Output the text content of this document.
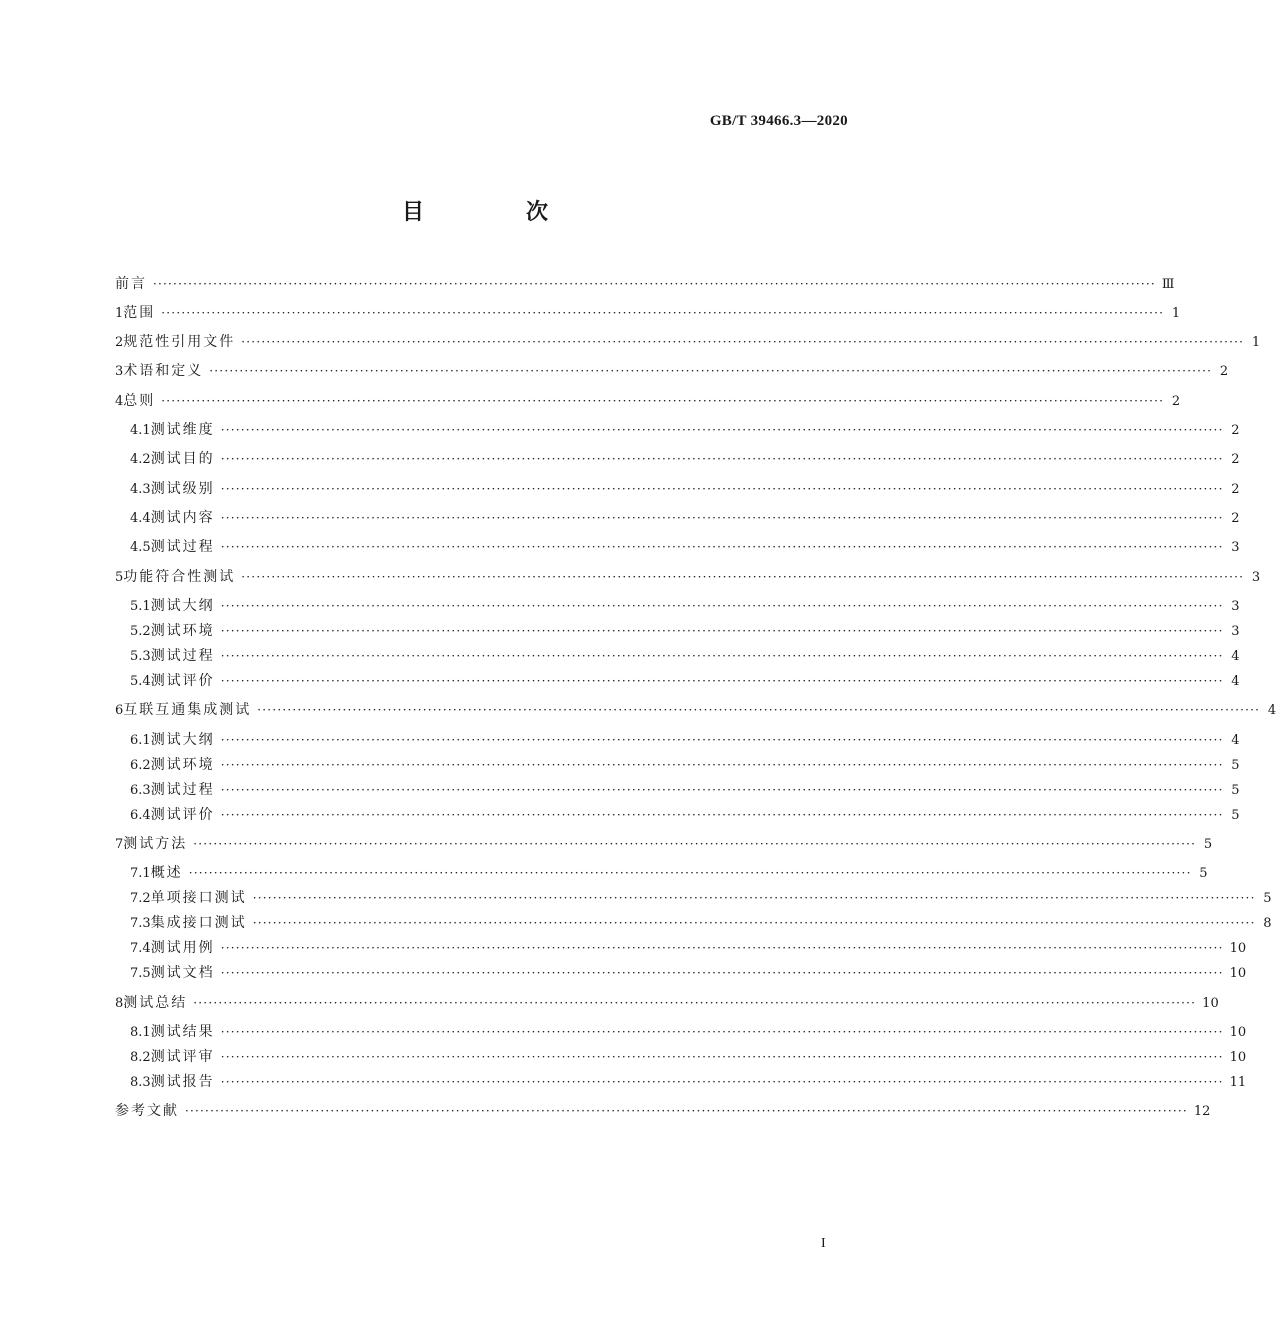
GB/T 39466.3—2020
目　次
前言 ········································································································································································································ Ⅲ
1 范围 ········································································································································································································ 1
2 规范性引用文件 ········································································································································································································ 1
3 术语和定义 ········································································································································································································ 2
4 总则 ········································································································································································································ 2
4.1 测试维度 ········································································································································································································ 2
4.2 测试目的 ········································································································································································································ 2
4.3 测试级别 ········································································································································································································ 2
4.4 测试内容 ········································································································································································································ 2
4.5 测试过程 ········································································································································································································ 3
5 功能符合性测试 ········································································································································································································ 3
5.1 测试大纲 ········································································································································································································ 3
5.2 测试环境 ········································································································································································································ 3
5.3 测试过程 ········································································································································································································ 4
5.4 测试评价 ········································································································································································································ 4
6 互联互通集成测试 ········································································································································································································ 4
6.1 测试大纲 ········································································································································································································ 4
6.2 测试环境 ········································································································································································································ 5
6.3 测试过程 ········································································································································································································ 5
6.4 测试评价 ········································································································································································································ 5
7 测试方法 ········································································································································································································ 5
7.1 概述 ········································································································································································································ 5
7.2 单项接口测试 ········································································································································································································ 5
7.3 集成接口测试 ········································································································································································································ 8
7.4 测试用例 ········································································································································································································ 10
7.5 测试文档 ········································································································································································································ 10
8 测试总结 ········································································································································································································ 10
8.1 测试结果 ········································································································································································································ 10
8.2 测试评审 ········································································································································································································ 10
8.3 测试报告 ········································································································································································································ 11
参考文献 ········································································································································································································ 12
I
